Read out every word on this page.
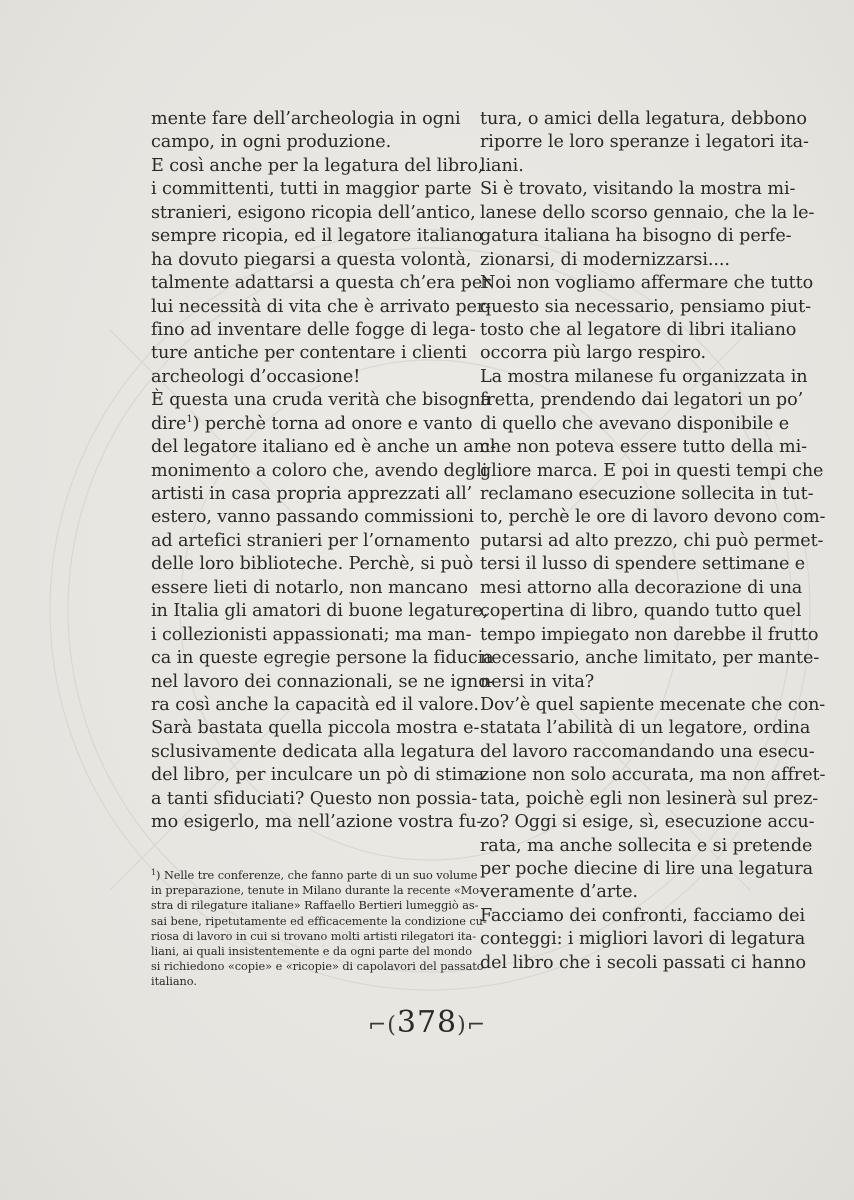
mente fare dell’archeologia in ogni
campo, in ogni produzione.
E così anche per la legatura del libro,
i committenti, tutti in maggior parte
stranieri, esigono ricopia dell’antico,
sempre ricopia, ed il legatore italiano
ha dovuto piegarsi a questa volontà,
talmente adattarsi a questa ch’era per
lui necessità di vita che è arrivato per-
fino ad inventare delle fogge di lega-
ture antiche per contentare i clienti
archeologi d’occasione!
È questa una cruda verità che bisogna
dire$^1$) perchè torna ad onore e vanto
del legatore italiano ed è anche un am-
monimento a coloro che, avendo degli
artisti in casa propria apprezzati all’
estero, vanno passando commissioni
ad artefici stranieri per l’ornamento
delle loro biblioteche. Perchè, si può
essere lieti di notarlo, non mancano
in Italia gli amatori di buone legature,
i collezionisti appassionati; ma man-
ca in queste egregie persone la fiducia
nel lavoro dei connazionali, se ne igno-
ra così anche la capacità ed il valore.
Sarà bastata quella piccola mostra e-
sclusivamente dedicata alla legatura
del libro, per inculcare un pò di stima
a tanti sfiduciati? Questo non possia-
mo esigerlo, ma nell’azione vostra fu-
tura, o amici della legatura, debbono
riporre le loro speranze i legatori ita-
liani.
Si è trovato, visitando la mostra mi-
lanese dello scorso gennaio, che la le-
gatura italiana ha bisogno di perfe-
zionarsi, di modernizzarsi....
Noi non vogliamo affermare che tutto
questo sia necessario, pensiamo piut-
tosto che al legatore di libri italiano
occorra più largo respiro.
La mostra milanese fu organizzata in
fretta, prendendo dai legatori un po’
di quello che avevano disponibile e
che non poteva essere tutto della mi-
gliore marca. E poi in questi tempi che
reclamano esecuzione sollecita in tut-
to, perchè le ore di lavoro devono com-
putarsi ad alto prezzo, chi può permet-
tersi il lusso di spendere settimane e
mesi attorno alla decorazione di una
copertina di libro, quando tutto quel
tempo impiegato non darebbe il frutto
necessario, anche limitato, per mante-
nersi in vita?
Dov’è quel sapiente mecenate che con-
statata l’abilità di un legatore, ordina
del lavoro raccomandando una esecu-
zione non solo accurata, ma non affret-
tata, poichè egli non lesinerà sul prez-
zo? Oggi si esige, sì, esecuzione accu-
rata, ma anche sollecita e si pretende
per poche diecine di lire una legatura
veramente d’arte.
Facciamo dei confronti, facciamo dei
conteggi: i migliori lavori di legatura
del libro che i secoli passati ci hanno
$^1$) Nelle tre conferenze, che fanno parte di un suo volume
in preparazione, tenute in Milano durante la recente «Mo-
stra di rilegature italiane» Raffaello Bertieri lumeggiò as-
sai bene, ripetutamente ed efficacemente la condizione cu-
riosa di lavoro in cui si trovano molti artisti rilegatori ita-
liani, ai quali insistentemente e da ogni parte del mondo
si richiedono «copie» e «ricopie» di capolavori del passato
italiano.
⌐(378)⌐
